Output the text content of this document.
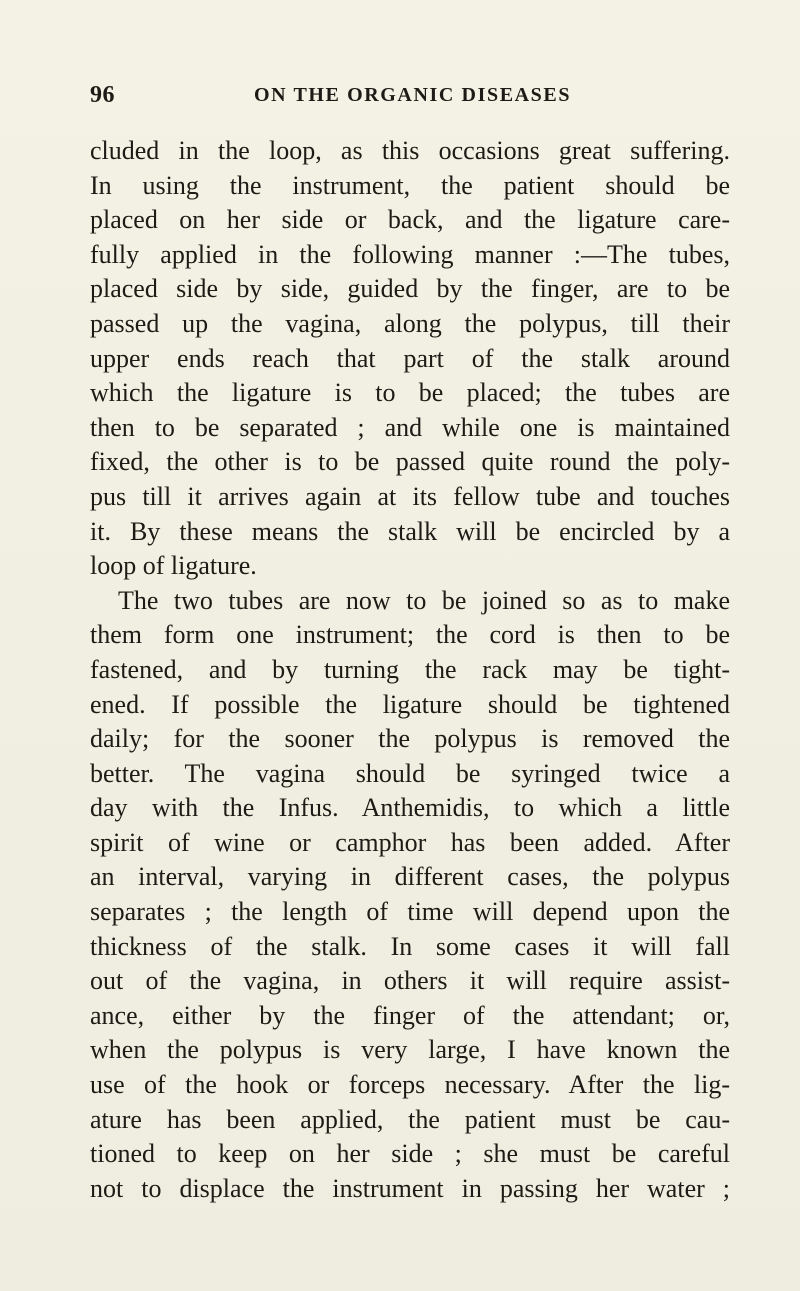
96	ON THE ORGANIC DISEASES
cluded in the loop, as this occasions great suffering.
In using the instrument, the patient should be
placed on her side or back, and the ligature care-
fully applied in the following manner :—The tubes,
placed side by side, guided by the finger, are to be
passed up the vagina, along the polypus, till their
upper ends reach that part of the stalk around
which the ligature is to be placed; the tubes are
then to be separated ; and while one is maintained
fixed, the other is to be passed quite round the poly-
pus till it arrives again at its fellow tube and touches
it. By these means the stalk will be encircled by a
loop of ligature.
The two tubes are now to be joined so as to make
them form one instrument; the cord is then to be
fastened, and by turning the rack may be tight-
ened. If possible the ligature should be tightened
daily; for the sooner the polypus is removed the
better. The vagina should be syringed twice a
day with the Infus. Anthemidis, to which a little
spirit of wine or camphor has been added. After
an interval, varying in different cases, the polypus
separates ; the length of time will depend upon the
thickness of the stalk. In some cases it will fall
out of the vagina, in others it will require assist-
ance, either by the finger of the attendant; or,
when the polypus is very large, I have known the
use of the hook or forceps necessary. After the lig-
ature has been applied, the patient must be cau-
tioned to keep on her side ; she must be careful
not to displace the instrument in passing her water ;
